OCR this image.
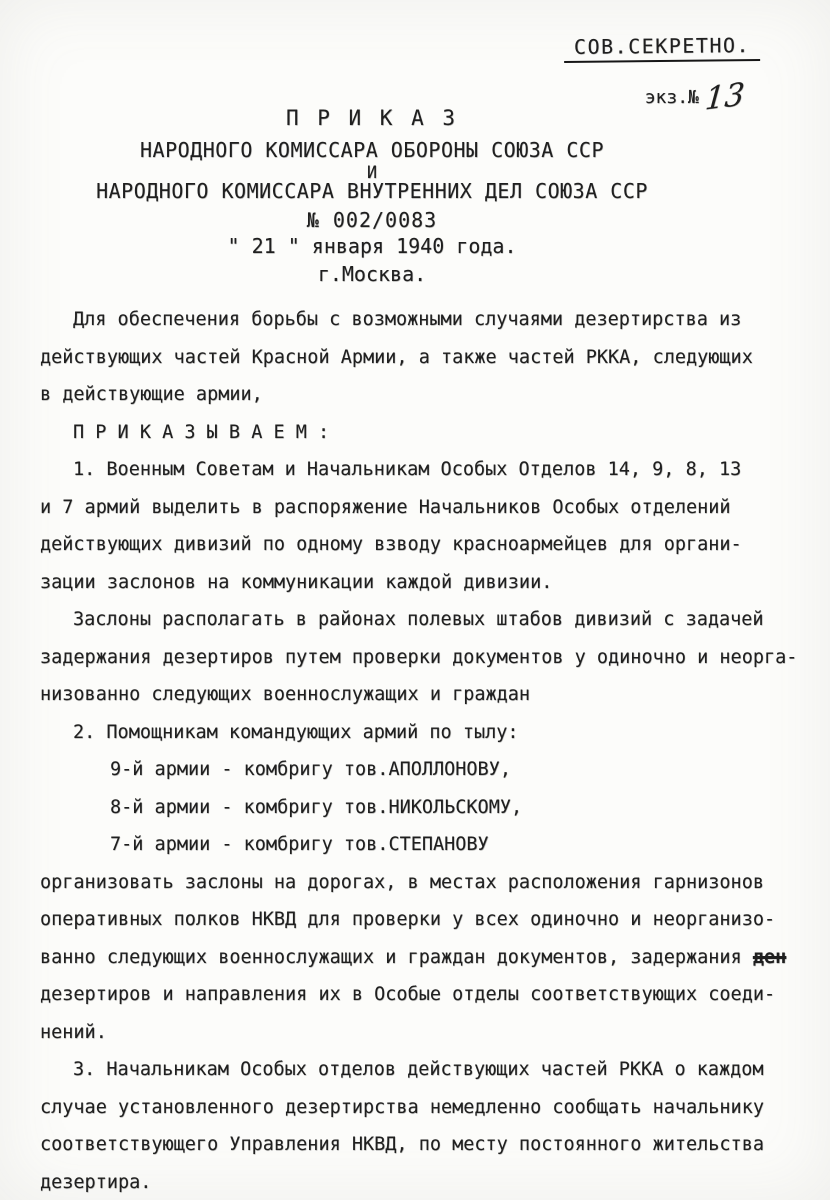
СОВ.СЕКРЕТНО.

экз.№ 13

П Р И К А З
НАРОДНОГО КОМИССАРА ОБОРОНЫ СОЮЗА ССР
И
НАРОДНОГО КОМИССАРА ВНУТРЕННИХ ДЕЛ СОЮЗА ССР
№ 002/0083
" 21 " января 1940 года.
г.Москва.
Для обеспечения борьбы с возможными случаями дезертирства из
действующих частей Красной Армии, а также частей РККА, следующих
в действующие армии,
П Р И К А З Ы В А Е М :
1. Военным Советам и Начальникам Особых Отделов 14, 9, 8, 13
и 7 армий выделить в распоряжение Начальников Особых отделений
действующих дивизий по одному взводу красноармейцев для органи-
зации заслонов на коммуникации каждой дивизии.
Заслоны располагать в районах полевых штабов дивизий с задачей
задержания дезертиров путем проверки документов у одиночно и неорга-
низованно следующих военнослужащих и граждан
2. Помощникам командующих армий по тылу:
9-й армии - комбригу тов.АПОЛЛОНОВУ,
8-й армии - комбригу тов.НИКОЛЬСКОМУ,
7-й армии - комбригу тов.СТЕПАНОВУ
организовать заслоны на дорогах, в местах расположения гарнизонов
оперативных полков НКВД для проверки у всех одиночно и неорганизо-
ванно следующих военнослужащих и граждан документов, задержания ден
дезертиров и направления их в Особые отделы соответствующих соеди-
нений.
3. Начальникам Особых отделов действующих частей РККА о каждом
случае установленного дезертирства немедленно сообщать начальнику
соответствующего Управления НКВД, по месту постоянного жительства
дезертира.
